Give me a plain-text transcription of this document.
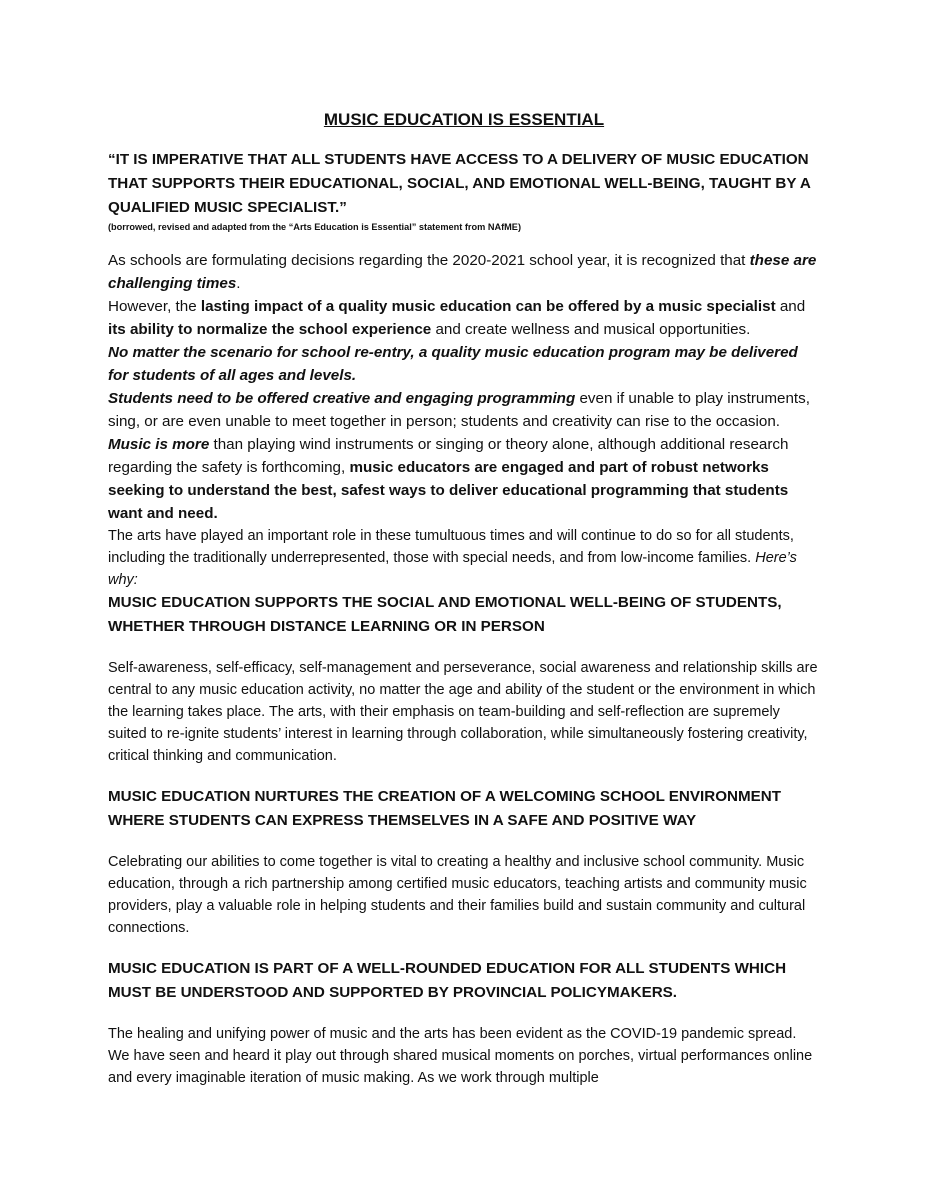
MUSIC EDUCATION IS ESSENTIAL

“IT IS IMPERATIVE THAT ALL STUDENTS HAVE ACCESS TO A DELIVERY OF MUSIC EDUCATION THAT SUPPORTS THEIR EDUCATIONAL, SOCIAL, AND EMOTIONAL WELL-BEING, TAUGHT BY A QUALIFIED MUSIC SPECIALIST.”

(borrowed, revised and adapted from the “Arts Education is Essential” statement from NAfME)

As schools are formulating decisions regarding the 2020-2021 school year, it is recognized that these are challenging times.

However, the lasting impact of a quality music education can be offered by a music specialist and its ability to normalize the school experience and create wellness and musical opportunities.

No matter the scenario for school re-entry, a quality music education program may be delivered for students of all ages and levels.

Students need to be offered creative and engaging programming even if unable to play instruments, sing, or are even unable to meet together in person; students and creativity can rise to the occasion.

Music is more than playing wind instruments or singing or theory alone, although additional research regarding the safety is forthcoming, music educators are engaged and part of robust networks seeking to understand the best, safest ways to deliver educational programming that students want and need.

The arts have played an important role in these tumultuous times and will continue to do so for all students, including the traditionally underrepresented, those with special needs, and from low-income families. Here’s why:

MUSIC EDUCATION SUPPORTS THE SOCIAL AND EMOTIONAL WELL-BEING OF STUDENTS, WHETHER THROUGH DISTANCE LEARNING OR IN PERSON

Self-awareness, self-efficacy, self-management and perseverance, social awareness and relationship skills are central to any music education activity, no matter the age and ability of the student or the environment in which the learning takes place. The arts, with their emphasis on team-building and self-reflection are supremely suited to re-ignite students’ interest in learning through collaboration, while simultaneously fostering creativity, critical thinking and communication.

MUSIC EDUCATION NURTURES THE CREATION OF A WELCOMING SCHOOL ENVIRONMENT WHERE STUDENTS CAN EXPRESS THEMSELVES IN A SAFE AND POSITIVE WAY

Celebrating our abilities to come together is vital to creating a healthy and inclusive school community. Music education, through a rich partnership among certified music educators, teaching artists and community music providers, play a valuable role in helping students and their families build and sustain community and cultural connections.

MUSIC EDUCATION IS PART OF A WELL-ROUNDED EDUCATION FOR ALL STUDENTS WHICH MUST BE UNDERSTOOD AND SUPPORTED BY PROVINCIAL POLICYMAKERS.

The healing and unifying power of music and the arts has been evident as the COVID-19 pandemic spread. We have seen and heard it play out through shared musical moments on porches, virtual performances online and every imaginable iteration of music making. As we work through multiple
